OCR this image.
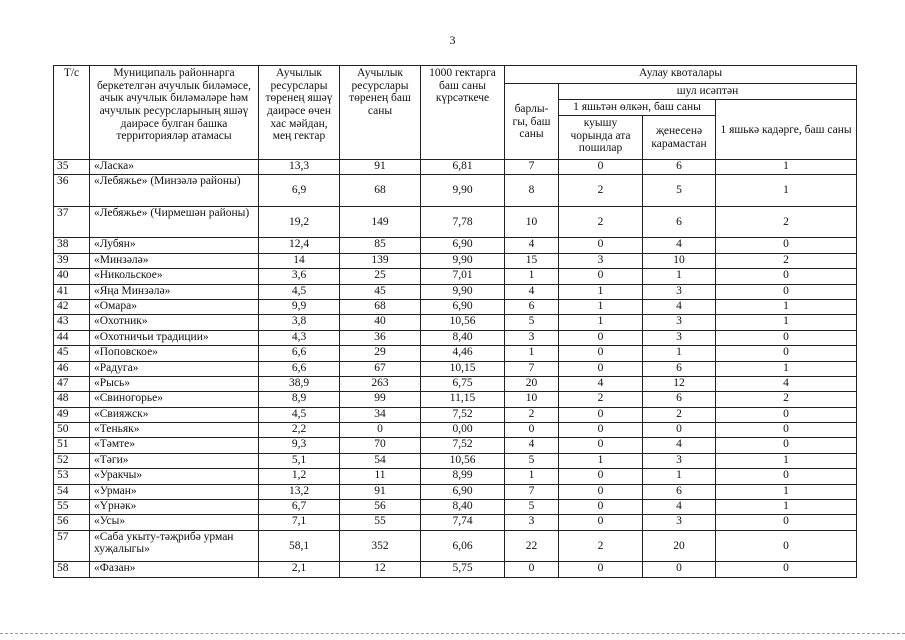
3
Т/с	Муниципаль районнарга беркетелгән ачучлык биләмәсе, ачык ачучлык биләмәләре һәм ачучлык ресурсларының яшәү даирәсе булган башка территорияләр атамасы	Аучылык ресурслары төренең яшәү даирәсе өчен хас мәйдан, мең гектар	Аучылык ресурслары төренең баш саны	1000 гектарга баш саны күрсәткече	Аулау квоталары			
					барлы-гы, баш саны	шул исәптән		
						1 яшьтән өлкән, баш саны		1 яшькә кадәрге, баш саны
						куышу чорында ата пошилар	җенесенә карамастан	
35	«Ласка»	13,3	91	6,81	7	0	6	1
36	«Лебяжье» (Минзәлә районы)	6,9	68	9,90	8	2	5	1
37	«Лебяжье» (Чирмешән районы)	19,2	149	7,78	10	2	6	2
38	«Лубян»	12,4	85	6,90	4	0	4	0
39	«Минзәлә»	14	139	9,90	15	3	10	2
40	«Никольское»	3,6	25	7,01	1	0	1	0
41	«Яңа Минзәлә»	4,5	45	9,90	4	1	3	0
42	«Омара»	9,9	68	6,90	6	1	4	1
43	«Охотник»	3,8	40	10,56	5	1	3	1
44	«Охотничьи традиции»	4,3	36	8,40	3	0	3	0
45	«Поповское»	6,6	29	4,46	1	0	1	0
46	«Радуга»	6,6	67	10,15	7	0	6	1
47	«Рысь»	38,9	263	6,75	20	4	12	4
48	«Свиногорье»	8,9	99	11,15	10	2	6	2
49	«Свияжск»	4,5	34	7,52	2	0	2	0
50	«Теньяк»	2,2	0	0,00	0	0	0	0
51	«Тәмте»	9,3	70	7,52	4	0	4	0
52	«Тәги»	5,1	54	10,56	5	1	3	1
53	«Уракчы»	1,2	11	8,99	1	0	1	0
54	«Урман»	13,2	91	6,90	7	0	6	1
55	«Үрнәк»	6,7	56	8,40	5	0	4	1
56	«Усы»	7,1	55	7,74	3	0	3	0
57	«Саба укыту-тәҗрибә урман хуҗалыгы»	58,1	352	6,06	22	2	20	0
58	«Фазан»	2,1	12	5,75	0	0	0	0
